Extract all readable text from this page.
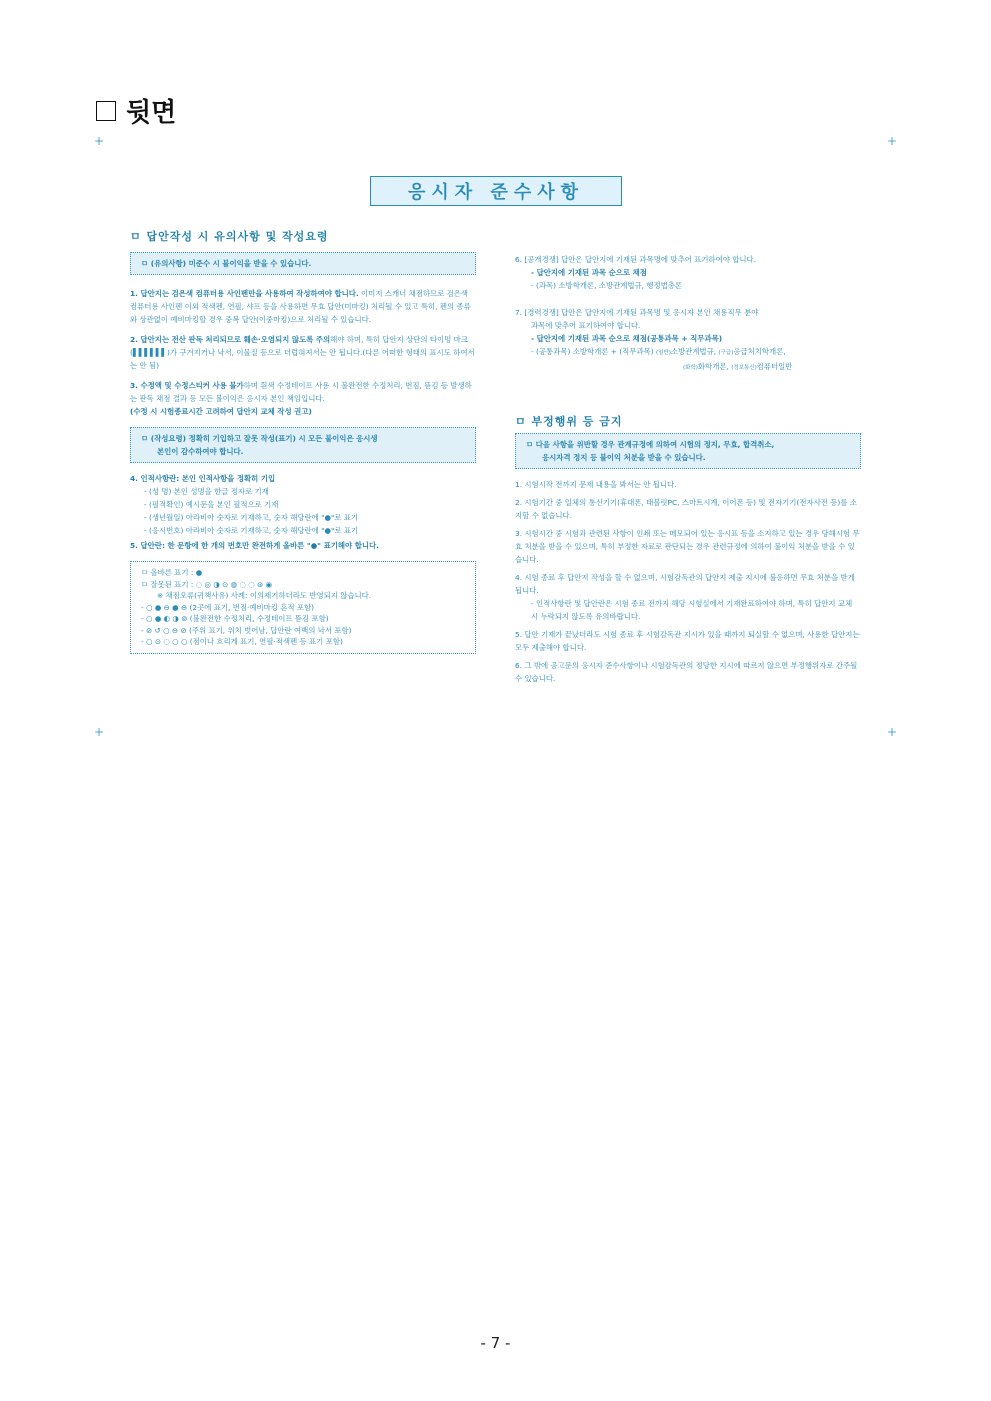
뒷면
+	+
+	+
응시자 준수사항

ㅁ 답안작성 시 유의사항 및 작성요령

ㅁ (유의사항) 미준수 시 불이익을 받을 수 있습니다.

1. 답안지는 검은색 컴퓨터용 사인펜만을 사용하여 작성하여야 합니다. 이미지 스캐너 채점하므로 검은색 컴퓨터용 사인펜 이외 적색펜, 연필, 샤프 등을 사용하면 무효 답안(미마킹) 처리될 수 있고 특히, 펜의 종류와 상관없이 예비마킹할 경우 중복 답안(이중마킹)으로 처리될 수 있습니다.

2. 답안지는 전산 판독 처리되므로 훼손·오염되지 않도록 주의해야 하며, 특히 답안지 상단의 타이밍 마크(▌▌▌▌▌▌)가 구겨지거나 낙서, 이물질 등으로 더럽혀져서는 안 됩니다.(다른 어떠한 형태의 표시도 하여서는 안 됨)

3. 수정액 및 수정스티커 사용 불가하며 흰색 수정테이프 사용 시 불완전한 수정처리, 번짐, 뜯김 등 발생하는 판독 채점 결과 등 모든 불이익은 응시자 본인 책임입니다.

(수정 시 시험종료시간 고려하여 답안지 교체 작성 권고)

ㅁ (작성요령) 정확히 기입하고 잘못 작성(표기) 시 모든 불이익은 응시생

본인이 감수하여야 합니다.

4. 인적사항란: 본인 인적사항을 정확히 기입

- (성 명) 본인 성명을 한글 정자로 기재

- (필적확인) 예시문을 본인 필적으로 기재

- (생년월일) 아라비아 숫자로 기재하고, 숫자 해당란에 "●"로 표기

- (응시번호) 아라비아 숫자로 기재하고, 숫자 해당란에 "●"로 표기

5. 답안란: 한 문항에 한 개의 번호만 완전하게 올바른 "●" 표기해야 합니다.

ㅁ 올바른 표기 : ●

ㅁ 잘못된 표기 : ◌ ◎ ◑ ⊙ ◍ ◌ ◌ ⊛ ◉

※ 채점오류(귀책사유) 사례: 이의제기하더라도 반영되지 않습니다.

- ○ ● ⊖ ● ⊖ (2곳에 표기, 번짐·예비마킹 흔적 포함)

- ○ ● ◐ ◑ ⊚ (불완전한 수정처리, 수정테이프 뜯김 포함)

- ⊘ ↺ ○ ⊖ ⊘ (주위 표기, 위치 벗어남, 답안란 여백의 낙서 포함)

- ○ ⊙ ◌ ○ ○ (점이나 흐리게 표기, 연필·적색펜 등 표기 포함)

6. [공개경쟁] 답안은 답안지에 기재된 과목명에 맞추어 표기하여야 합니다.

- 답안지에 기재된 과목 순으로 채점

- (과목) 소방학개론, 소방관계법규, 행정법총론

7. [경력경쟁] 답안은 답안지에 기재된 과목명 및 응시자 본인 채용직무 분야

과목에 맞추어 표기하여야 합니다.

- 답안지에 기재된 과목 순으로 채점(공통과목 + 직무과목)

- (공통과목) 소방학개론 + (직무과목) (일반)소방관계법규, (구급)응급처치학개론,

(화학)화학개론, (정보통신)컴퓨터일반

ㅁ 부정행위 등 금지

ㅁ 다음 사항을 위반할 경우 관계규정에 의하여 시험의 정지, 무효, 합격취소,

응시자격 정지 등 불이익 처분을 받을 수 있습니다.

1. 시험시작 전까지 문제 내용을 봐서는 안 됩니다.

2. 시험기간 중 일체의 통신기기(휴대폰, 태블릿PC, 스마트시계, 이어폰 등) 및 전자기기(전자사전 등)를 소지할 수 없습니다.

3. 시험시간 중 시험과 관련된 사항이 인쇄 또는 메모되어 있는 응시표 등을 소지하고 있는 경우 당해시험 무효 처분을 받을 수 있으며, 특히 부정한 자료로 판단되는 경우 관련규정에 의하여 불이익 처분을 받을 수 있습니다.

4. 시험 종료 후 답안지 작성을 할 수 없으며, 시험감독관의 답안지 제출 지시에 불응하면 무효 처분을 받게 됩니다.

- 인적사항란 및 답안란은 시험 종료 전까지 해당 시험실에서 기재완료하여야 하며, 특히 답안지 교체 시 누락되지 않도록 유의바랍니다.

5. 답안 기재가 끝났더라도 시험 종료 후 시험감독관 지시가 있을 때까지 퇴실할 수 없으며, 사용한 답안지는 모두 제출해야 합니다.

6. 그 밖에 공고문의 응시자 준수사항이나 시험감독관의 정당한 지시에 따르지 않으면 부정행위자로 간주될 수 있습니다.

- 7 -
